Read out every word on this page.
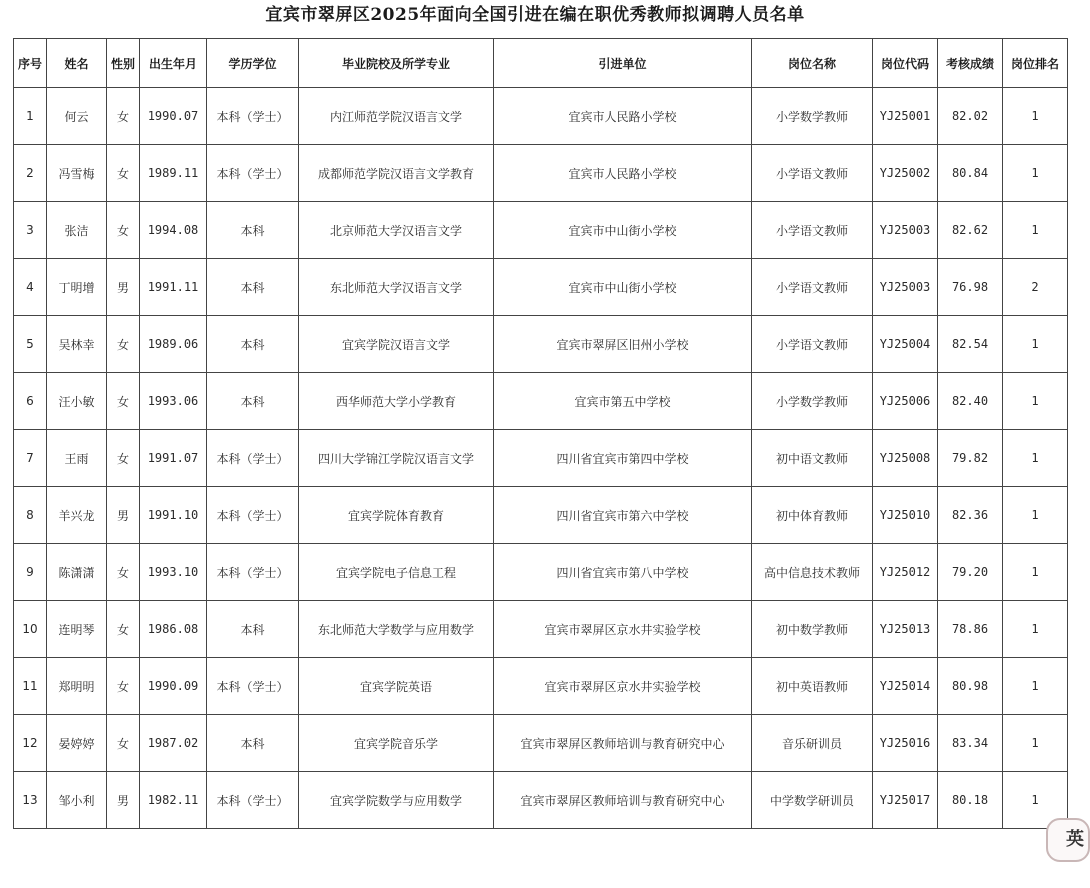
宜宾市翠屏区2025年面向全国引进在编在职优秀教师拟调聘人员名单
序号	姓名	性别	出生年月	学历学位	毕业院校及所学专业	引进单位	岗位名称	岗位代码	考核成绩	岗位排名
1	何云	女	1990.07	本科（学士）	内江师范学院汉语言文学	宜宾市人民路小学校	小学数学教师	YJ25001	82.02	1
2	冯雪梅	女	1989.11	本科（学士）	成都师范学院汉语言文学教育	宜宾市人民路小学校	小学语文教师	YJ25002	80.84	1
3	张洁	女	1994.08	本科	北京师范大学汉语言文学	宜宾市中山街小学校	小学语文教师	YJ25003	82.62	1
4	丁明增	男	1991.11	本科	东北师范大学汉语言文学	宜宾市中山街小学校	小学语文教师	YJ25003	76.98	2
5	吴林幸	女	1989.06	本科	宜宾学院汉语言文学	宜宾市翠屏区旧州小学校	小学语文教师	YJ25004	82.54	1
6	汪小敏	女	1993.06	本科	西华师范大学小学教育	宜宾市第五中学校	小学数学教师	YJ25006	82.40	1
7	王雨	女	1991.07	本科（学士）	四川大学锦江学院汉语言文学	四川省宜宾市第四中学校	初中语文教师	YJ25008	79.82	1
8	羊兴龙	男	1991.10	本科（学士）	宜宾学院体育教育	四川省宜宾市第六中学校	初中体育教师	YJ25010	82.36	1
9	陈潇潇	女	1993.10	本科（学士）	宜宾学院电子信息工程	四川省宜宾市第八中学校	高中信息技术教师	YJ25012	79.20	1
10	连明琴	女	1986.08	本科	东北师范大学数学与应用数学	宜宾市翠屏区京水井实验学校	初中数学教师	YJ25013	78.86	1
11	郑明明	女	1990.09	本科（学士）	宜宾学院英语	宜宾市翠屏区京水井实验学校	初中英语教师	YJ25014	80.98	1
12	晏婷婷	女	1987.02	本科	宜宾学院音乐学	宜宾市翠屏区教师培训与教育研究中心	音乐研训员	YJ25016	83.34	1
13	邹小利	男	1982.11	本科（学士）	宜宾学院数学与应用数学	宜宾市翠屏区教师培训与教育研究中心	中学数学研训员	YJ25017	80.18	1
英
